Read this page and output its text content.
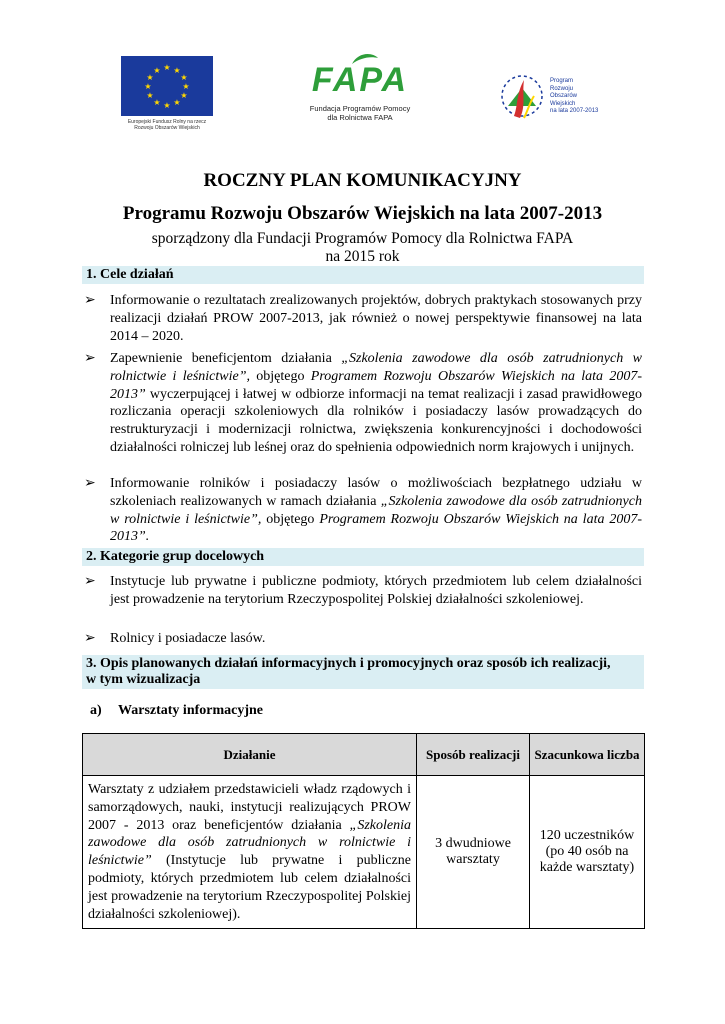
★ ★
★
★
★
★
★
★
★
★
★
★
Europejski Fundusz Rolny na rzecz
Rozwoju Obszarów Wiejskich
FAPA
Fundacja Programów Pomocy
dla Rolnictwa FAPA
Program
Rozwoju
Obszarów
Wiejskich
na lata 2007-2013
ROCZNY PLAN KOMUNIKACYJNY
Programu Rozwoju Obszarów Wiejskich na lata 2007-2013
sporządzony dla Fundacji Programów Pomocy dla Rolnictwa FAPA
na 2015 rok
1. Cele działań
➢	Informowanie o rezultatach zrealizowanych projektów, dobrych praktykach stosowanych przy realizacji działań PROW 2007-2013, jak również o nowej perspektywie finansowej na lata 2014 – 2020.
➢	Zapewnienie beneficjentom działania „Szkolenia zawodowe dla osób zatrudnionych w rolnictwie i leśnictwie”, objętego Programem Rozwoju Obszarów Wiejskich na lata 2007-2013” wyczerpującej i łatwej w odbiorze informacji na temat realizacji i zasad prawidłowego rozliczania operacji szkoleniowych dla rolników i posiadaczy lasów prowadzących do restrukturyzacji i modernizacji rolnictwa, zwiększenia konkurencyjności i dochodowości działalności rolniczej lub leśnej oraz do spełnienia odpowiednich norm krajowych i unijnych.
➢	Informowanie rolników i posiadaczy lasów o możliwościach bezpłatnego udziału w szkoleniach realizowanych w ramach działania „Szkolenia zawodowe dla osób zatrudnionych w rolnictwie i leśnictwie”, objętego Programem Rozwoju Obszarów Wiejskich na lata 2007-2013”.
2. Kategorie grup docelowych
➢	Instytucje lub prywatne i publiczne podmioty, których przedmiotem lub celem działalności jest prowadzenie na terytorium Rzeczypospolitej Polskiej działalności szkoleniowej.
➢	Rolnicy i posiadacze lasów.
3. Opis planowanych działań informacyjnych i promocyjnych oraz sposób ich realizacji,
w tym wizualizacja
a) Warsztaty informacyjne
Działanie	Sposób realizacji	Szacunkowa liczba

Warsztaty z udziałem przedstawicieli władz rządowych i samorządowych, nauki, instytucji realizujących PROW 2007 - 2013 oraz beneficjentów działania „Szkolenia zawodowe dla osób zatrudnionych w rolnictwie i leśnictwie” (Instytucje lub prywatne i publiczne podmioty, których przedmiotem lub celem działalności jest prowadzenie na terytorium Rzeczypospolitej Polskiej działalności szkoleniowej).	3 dwudniowe warsztaty	120 uczestników (po 40 osób na każde warsztaty)
